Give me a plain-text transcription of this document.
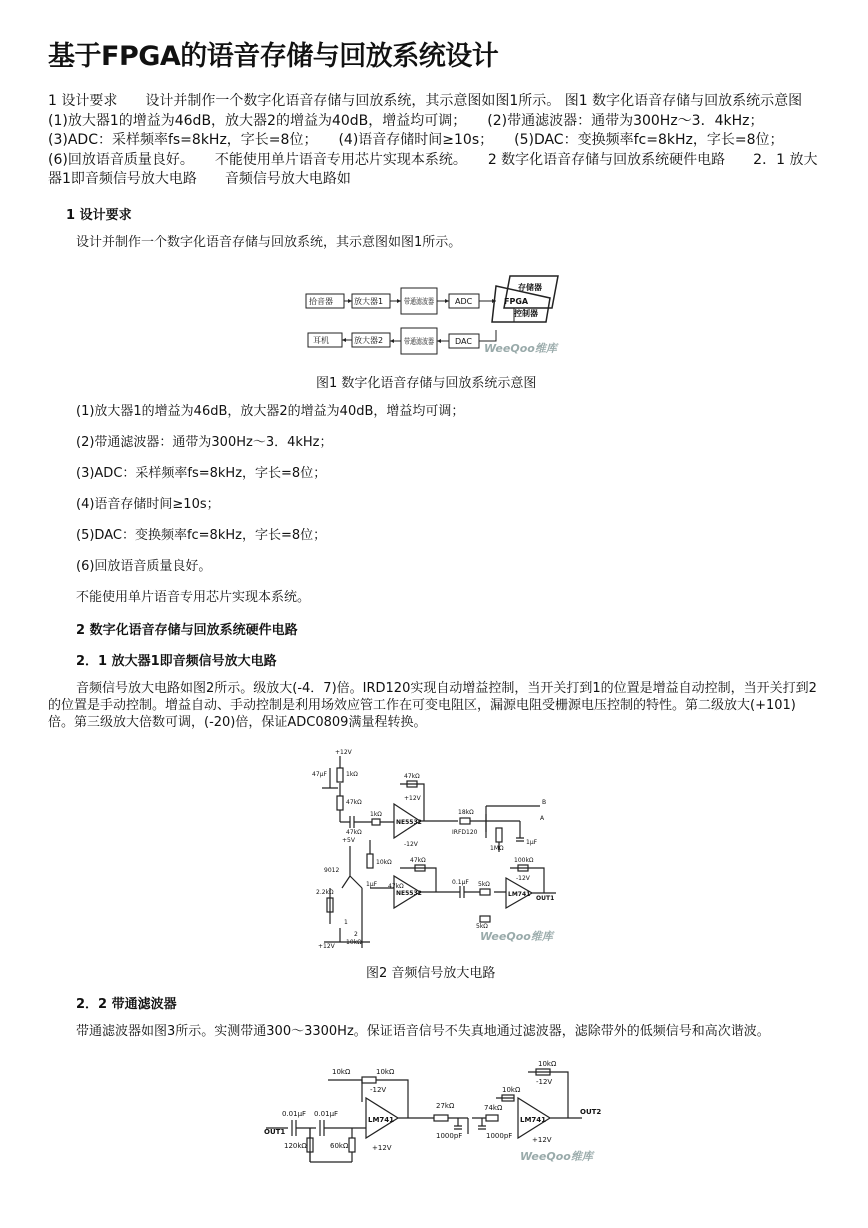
基于FPGA的语音存储与回放系统设计
1 设计要求　　设计并制作一个数字化语音存储与回放系统，其示意图如图1所示。 图1 数字化语音存储与回放系统示意图　　(1)放大器1的增益为46dB，放大器2的增益为40dB，增益均可调；　　(2)带通滤波器：通带为300Hz～3．4kHz；　　(3)ADC：采样频率fs=8kHz，字长=8位；　　(4)语音存储时间≥10s；　　(5)DAC：变换频率fc=8kHz，字长=8位；　　(6)回放语音质量良好。　　不能使用单片语音专用芯片实现本系统。　　2 数字化语音存储与回放系统硬件电路　　2．1 放大器1即音频信号放大电路　　音频信号放大电路如
1 设计要求
设计并制作一个数字化语音存储与回放系统，其示意图如图1所示。
拾音器	放大器1	带通滤波器 ADC
存储器
FPGA
控制器
耳机	放大器2	带通滤波器 DAC
WeeQoo维库
图1 数字化语音存储与回放系统示意图
(1)放大器1的增益为46dB，放大器2的增益为40dB，增益均可调；
(2)带通滤波器：通带为300Hz～3．4kHz；
(3)ADC：采样频率fs=8kHz，字长=8位；
(4)语音存储时间≥10s；
(5)DAC：变换频率fc=8kHz，字长=8位；
(6)回放语音质量良好。
不能使用单片语音专用芯片实现本系统。
2 数字化语音存储与回放系统硬件电路
2．1 放大器1即音频信号放大电路
音频信号放大电路如图2所示。级放大(-4．7)倍。IRD120实现自动增益控制，当开关打到1的位置是增益自动控制，当开关打到2的位置是手动控制。增益自动、手动控制是利用场效应管工作在可变电阻区，漏源电阻受栅源电压控制的特性。第二级放大(+101)倍。第三级放大倍数可调，(-20)倍，保证ADC0809满量程转换。
+12V
1kΩ
47μF
47kΩ
1kΩ
47kΩ
47kΩ
NE5532
+12V
-12V
18kΩ
IRFD120
B
A
1MΩ
1μF
+5V
9012
10kΩ
2.2kΩ
1μF
47kΩ
47kΩ
NE5532
0.1μF 5kΩ
100kΩ
LM741
OUT1
5kΩ
10kΩ
+12V
-12V
1
2	WeeQoo维库
图2 音频信号放大电路
2．2 带通滤波器
带通滤波器如图3所示。实测带通300～3300Hz。保证语音信号不失真地通过滤波器，滤除带外的低频信号和高次谐波。
10kΩ	10kΩ
-12V
0.01μF 0.01μF
OUT1
120kΩ	60kΩ
LM741
+12V
27kΩ
1000pF	1000pF
74kΩ
10kΩ
10kΩ
-12V
LM741
+12V
OUT2
WeeQoo维库
